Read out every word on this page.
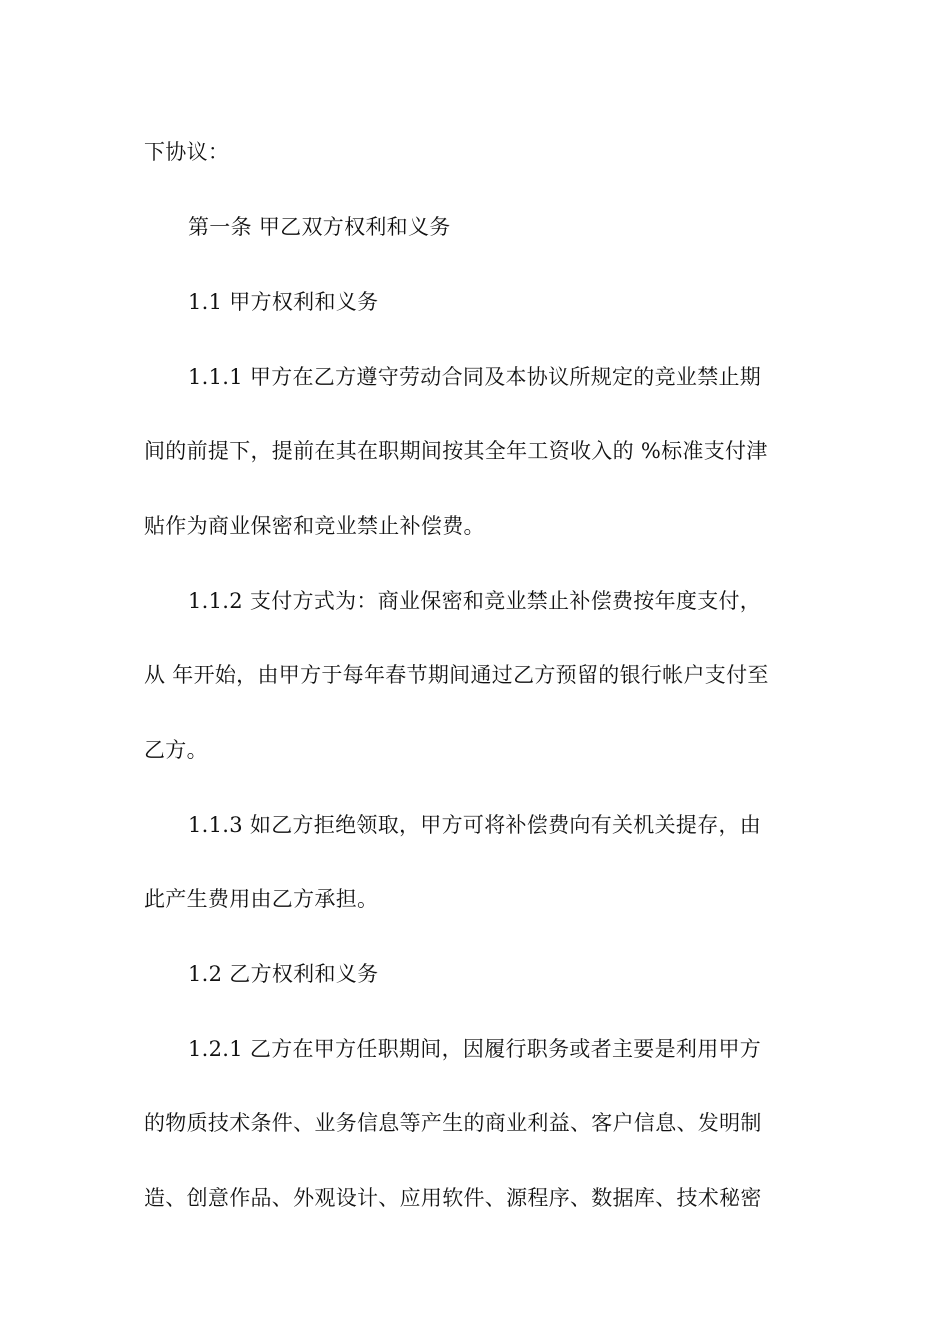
下协议：
第一条 甲乙双方权利和义务
1.1 甲方权利和义务
1.1.1 甲方在乙方遵守劳动合同及本协议所规定的竞业禁止期
间的前提下，提前在其在职期间按其全年工资收入的 %标准支付津
贴作为商业保密和竞业禁止补偿费。
1.1.2 支付方式为：商业保密和竞业禁止补偿费按年度支付，
从 年开始，由甲方于每年春节期间通过乙方预留的银行帐户支付至
乙方。
1.1.3 如乙方拒绝领取，甲方可将补偿费向有关机关提存，由
此产生费用由乙方承担。
1.2 乙方权利和义务
1.2.1 乙方在甲方任职期间，因履行职务或者主要是利用甲方
的物质技术条件、业务信息等产生的商业利益、客户信息、发明制
造、创意作品、外观设计、应用软件、源程序、数据库、技术秘密
